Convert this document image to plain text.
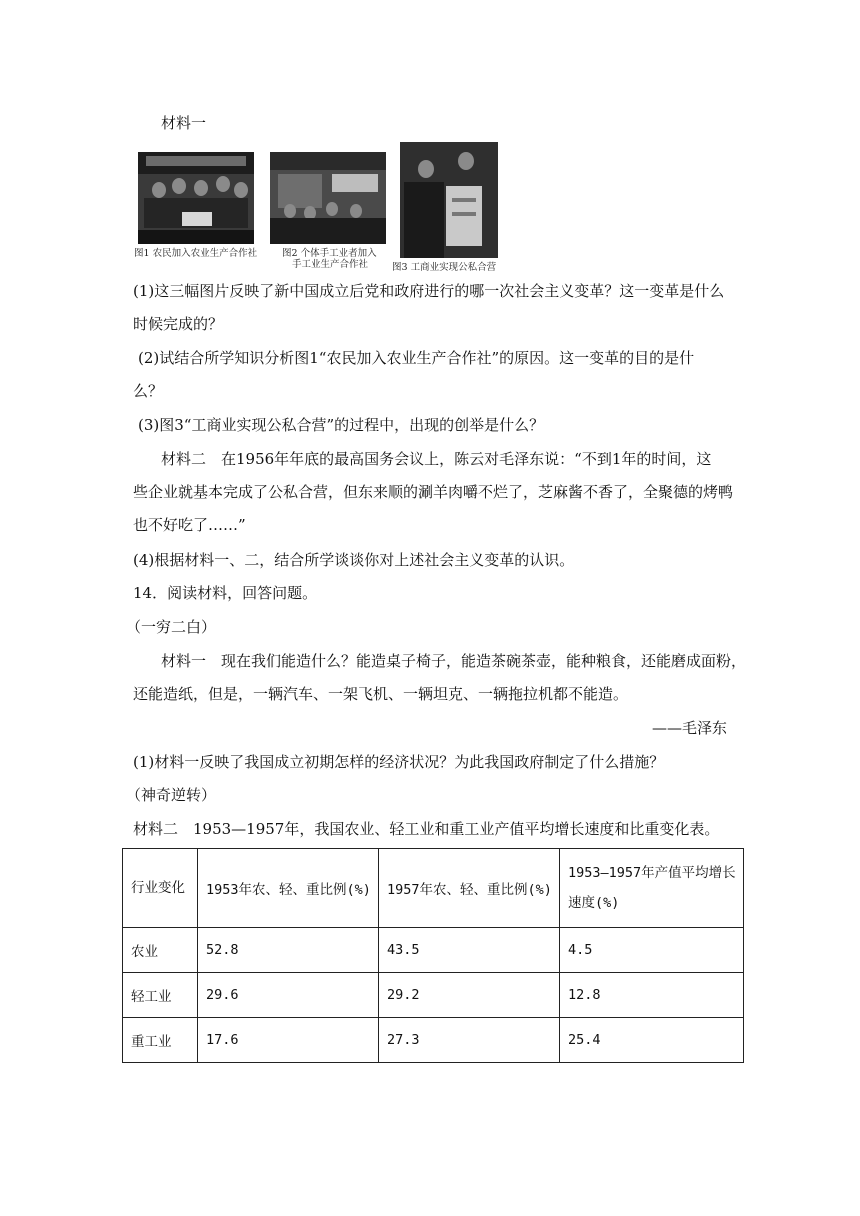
材料一
图1 农民加入农业生产合作社	图2 个体手工业者加入
手工业生产合作社	图3 工商业实现公私合营
(1)这三幅图片反映了新中国成立后党和政府进行的哪一次社会主义变革？这一变革是什么
时候完成的？
(2)试结合所学知识分析图1“农民加入农业生产合作社”的原因。这一变革的目的是什
么？
(3)图3“工商业实现公私合营”的过程中，出现的创举是什么？
材料二　在1956年年底的最高国务会议上，陈云对毛泽东说：“不到1年的时间，这
些企业就基本完成了公私合营，但东来顺的涮羊肉嚼不烂了，芝麻酱不香了，全聚德的烤鸭
也不好吃了……”
(4)根据材料一、二，结合所学谈谈你对上述社会主义变革的认识。
14．阅读材料，回答问题。
（一穷二白）
材料一　现在我们能造什么？能造桌子椅子，能造茶碗茶壶，能种粮食，还能磨成面粉，
还能造纸，但是，一辆汽车、一架飞机、一辆坦克、一辆拖拉机都不能造。
——毛泽东
(1)材料一反映了我国成立初期怎样的经济状况？为此我国政府制定了什么措施？
（神奇逆转）
材料二　1953—1957年，我国农业、轻工业和重工业产值平均增长速度和比重变化表。
行业变化	1953年农、轻、重比例(%)	1957年农、轻、重比例(%)	1953—1957年产值平均增长速度(%)

农业	52.8	43.5	4.5
轻工业	29.6	29.2	12.8
重工业	17.6	27.3	25.4
